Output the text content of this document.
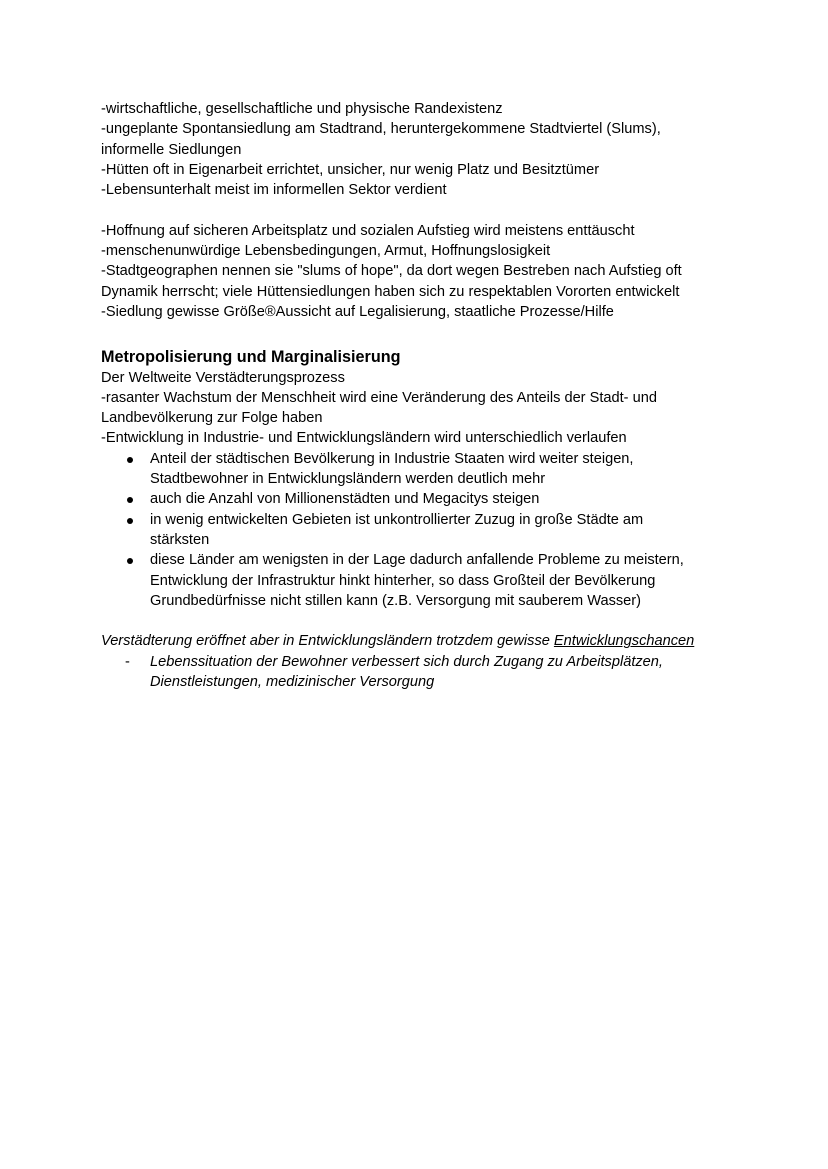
-wirtschaftliche, gesellschaftliche und physische Randexistenz
-ungeplante Spontansiedlung am Stadtrand, heruntergekommene Stadtviertel (Slums),
informelle Siedlungen
-Hütten oft in Eigenarbeit errichtet, unsicher, nur wenig Platz und Besitztümer
-Lebensunterhalt meist im informellen Sektor verdient
-Hoffnung auf sicheren Arbeitsplatz und sozialen Aufstieg wird meistens enttäuscht
-menschenunwürdige Lebensbedingungen, Armut, Hoffnungslosigkeit
-Stadtgeographen nennen sie "slums of hope", da dort wegen Bestreben nach Aufstieg oft
Dynamik herrscht; viele Hüttensiedlungen haben sich zu respektablen Vororten entwickelt
-Siedlung gewisse Größe®Aussicht auf Legalisierung, staatliche Prozesse/Hilfe
Metropolisierung und Marginalisierung
Der Weltweite Verstädterungsprozess
-rasanter Wachstum der Menschheit wird eine Veränderung des Anteils der Stadt- und
Landbevölkerung zur Folge haben
-Entwicklung in Industrie- und Entwicklungsländern wird unterschiedlich verlaufen
Anteil der städtischen Bevölkerung in Industrie Staaten wird weiter steigen,
Stadtbewohner in Entwicklungsländern werden deutlich mehr
auch die Anzahl von Millionenstädten und Megacitys steigen
in wenig entwickelten Gebieten ist unkontrollierter Zuzug in große Städte am
stärksten
diese Länder am wenigsten in der Lage dadurch anfallende Probleme zu meistern,
Entwicklung der Infrastruktur hinkt hinterher, so dass Großteil der Bevölkerung
Grundbedürfnisse nicht stillen kann (z.B. Versorgung mit sauberem Wasser)
Verstädterung eröffnet aber in Entwicklungsländern trotzdem gewisse Entwicklungschancen
- Lebenssituation der Bewohner verbessert sich durch Zugang zu Arbeitsplätzen,
Dienstleistungen, medizinischer Versorgung
